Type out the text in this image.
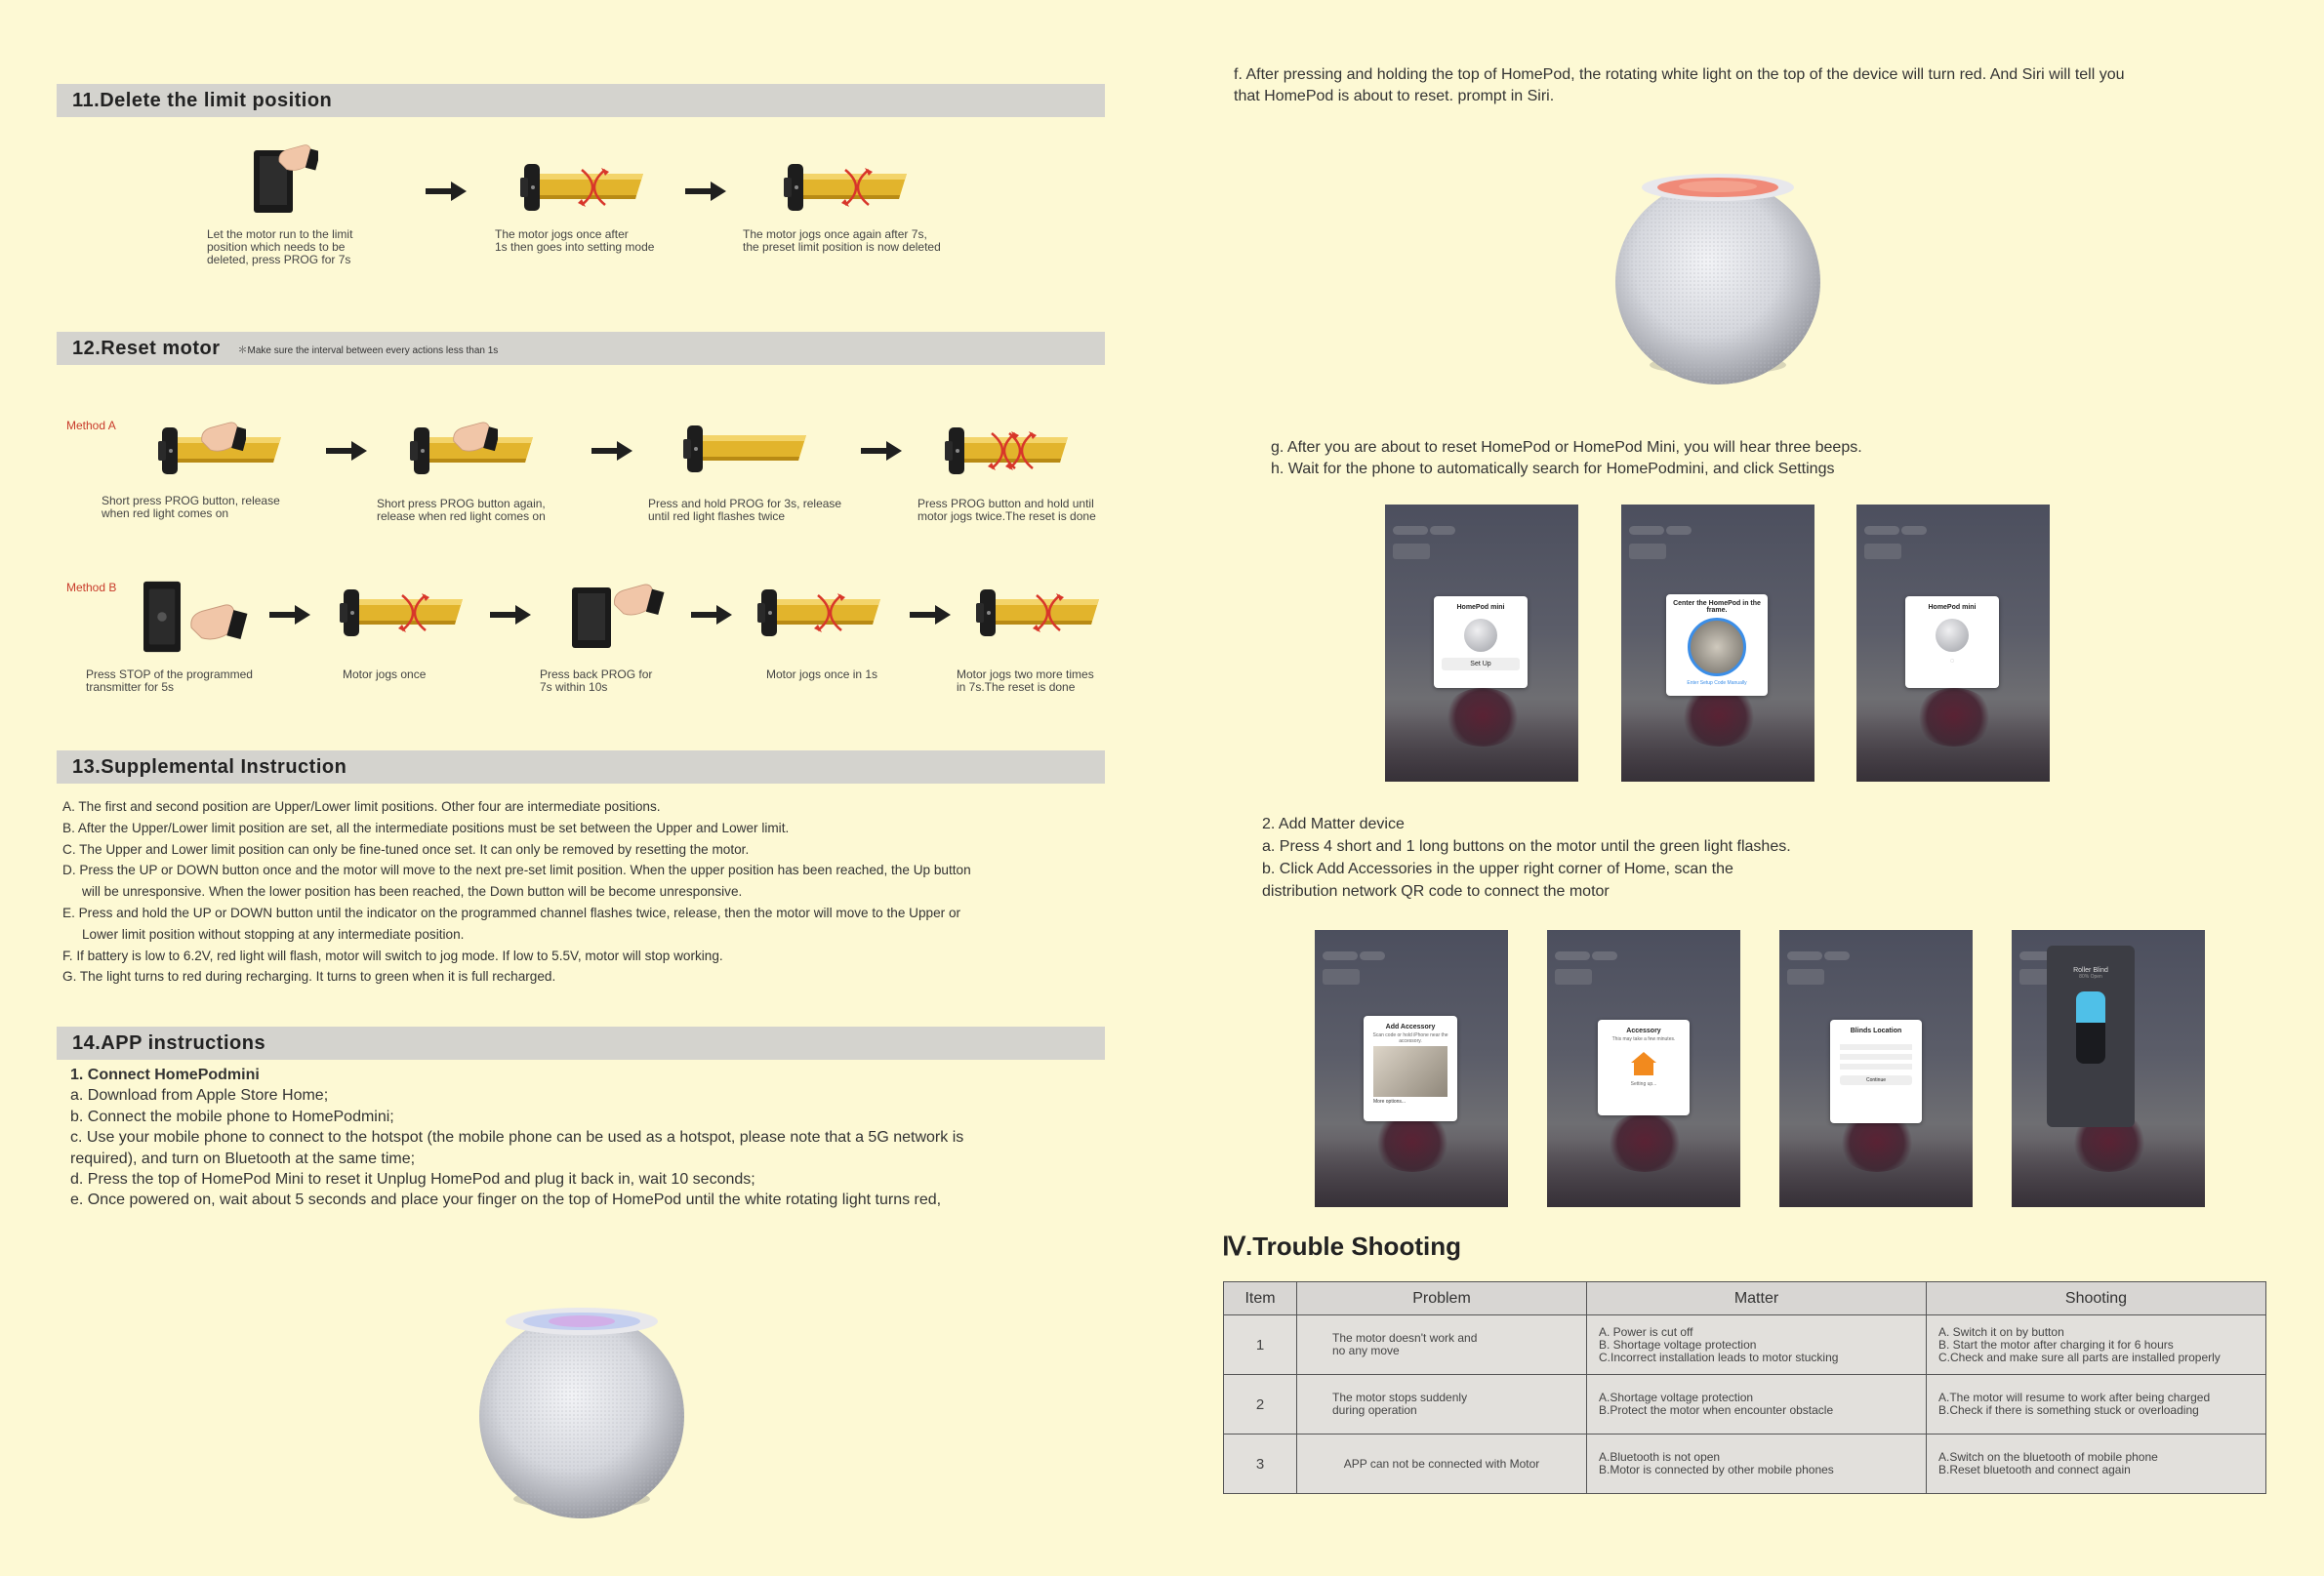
11.Delete the limit position
Let the motor run to the limit
position which needs to be
deleted, press PROG for 7s
The motor jogs once after
1s then goes into setting mode
The motor jogs once again after 7s,
the preset limit position is now deleted
12.Reset motor ＊Make sure the interval between every actions less than 1s
Method A
Short press PROG button, release
when red light comes on
Short press PROG button again,
release when red light comes on
Press and hold PROG for 3s, release
until red light flashes twice
Press PROG button and hold until
motor jogs twice.The reset is done
Method B
Press STOP of the programmed
transmitter for 5s
Motor jogs once	Press back PROG for
7s within 10s
Motor jogs once in 1s	Motor jogs two more times
in 7s.The reset is done
13.Supplemental Instruction
A. The first and second position are Upper/Lower limit positions. Other four are intermediate positions.
B. After the Upper/Lower limit position are set, all the intermediate positions must be set between the Upper and Lower limit.
C. The Upper and Lower limit position can only be fine-tuned once set. It can only be removed by resetting the motor.
D. Press the UP or DOWN button once and the motor will move to the next pre-set limit position. When the upper position has been reached, the Up button
will be unresponsive. When the lower position has been reached, the Down button will be become unresponsive.
E. Press and hold the UP or DOWN button until the indicator on the programmed channel flashes twice, release, then the motor will move to the Upper or
Lower limit position without stopping at any intermediate position.
F. If battery is low to 6.2V, red light will flash, motor will switch to jog mode. If low to 5.5V, motor will stop working.
G. The light turns to red during recharging. It turns to green when it is full recharged.
14.APP instructions
1. Connect HomePodmini
a. Download from Apple Store Home;
b. Connect the mobile phone to HomePodmini;
c. Use your mobile phone to connect to the hotspot (the mobile phone can be used as a hotspot, please note that a 5G network is
required), and turn on Bluetooth at the same time;
d. Press the top of HomePod Mini to reset it Unplug HomePod and plug it back in, wait 10 seconds;
e. Once powered on, wait about 5 seconds and place your finger on the top of HomePod until the white rotating light turns red,
f. After pressing and holding the top of HomePod, the rotating white light on the top of the device will turn red. And Siri will tell you
that HomePod is about to reset. prompt in Siri.
g. After you are about to reset HomePod or HomePod Mini, you will hear three beeps.
h. Wait for the phone to automatically search for HomePodmini, and click Settings
HomePod mini
Set Up
Center the HomePod in the frame.
Enter Setup Code Manually
HomePod mini
◌
2. Add Matter device
a. Press 4 short and 1 long buttons on the motor until the green light flashes.
b. Click Add Accessories in the upper right corner of Home, scan the
distribution network QR code to connect the motor
Add Accessory
Scan code or hold iPhone near the accessory.
More options...
Accessory
This may take a few minutes.
Setting up...
Blinds Location
Continue
Roller Blind
80% Open
Ⅳ.Trouble Shooting
Item	Problem	Matter	Shooting
1	The motor doesn't work and
no any move	A. Power is cut off
B. Shortage voltage protection
C.Incorrect installation leads to motor stucking	A. Switch it on by button
B. Start the motor after charging it for 6 hours
C.Check and make sure all parts are installed properly
2	The motor stops suddenly
during operation	A.Shortage voltage protection
B.Protect the motor when encounter obstacle	A.The motor will resume to work after being charged
B.Check if there is something stuck or overloading
3	APP can not be connected with Motor	A.Bluetooth is not open
B.Motor is connected by other mobile phones	A.Switch on the bluetooth of mobile phone
B.Reset bluetooth and connect again
